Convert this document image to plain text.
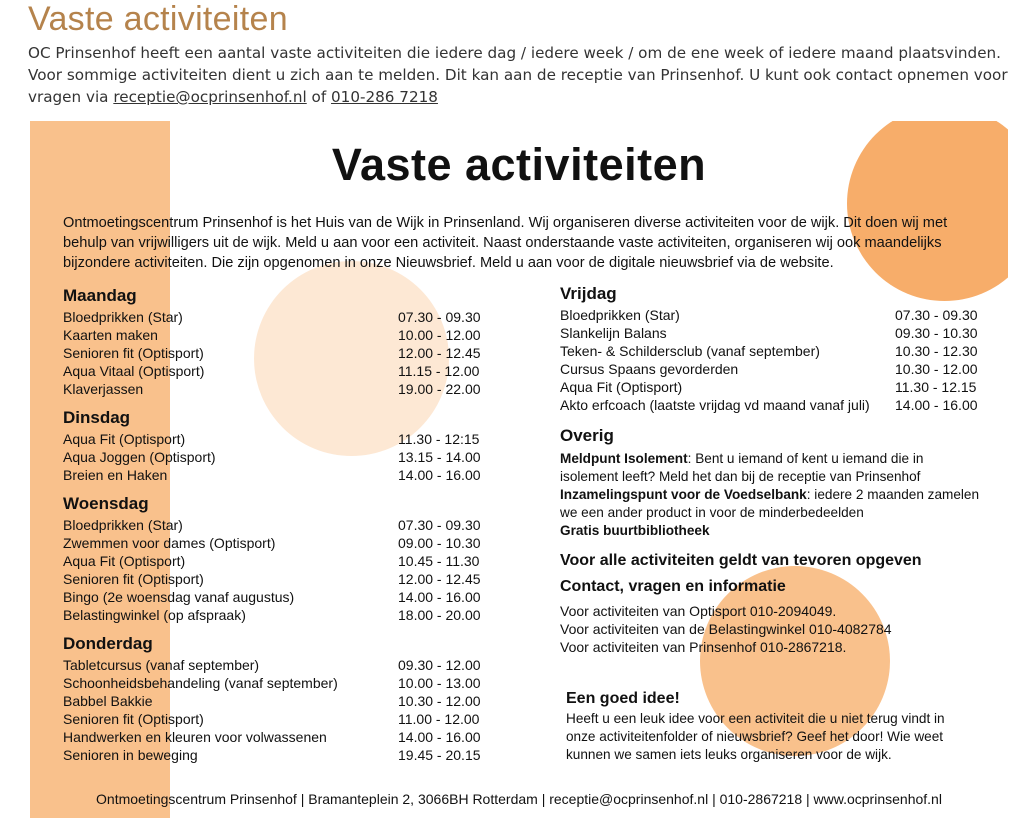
Vaste activiteiten
OC Prinsenhof heeft een aantal vaste activiteiten die iedere dag / iedere week / om de ene week of iedere maand plaatsvinden.
Voor sommige activiteiten dient u zich aan te melden. Dit kan aan de receptie van Prinsenhof. U kunt ook contact opnemen voor vragen via receptie@ocprinsenhof.nl of 010-286 7218
Vaste activiteiten
Ontmoetingscentrum Prinsenhof is het Huis van de Wijk in Prinsenland. Wij organiseren diverse activiteiten voor de wijk. Dit doen wij met behulp van vrijwilligers uit de wijk. Meld u aan voor een activiteit. Naast onderstaande vaste activiteiten, organiseren wij ook maandelijks bijzondere activiteiten. Die zijn opgenomen in onze Nieuwsbrief. Meld u aan voor de digitale nieuwsbrief via de website.
Maandag
Bloedprikken (Star)	07.30 - 09.30
Kaarten maken	10.00 - 12.00
Senioren fit (Optisport)	12.00 - 12.45
Aqua Vitaal (Optisport)	11.15 - 12.00
Klaverjassen	19.00 - 22.00
Dinsdag
Aqua Fit (Optisport)	11.30 - 12:15
Aqua Joggen (Optisport)	13.15 - 14.00
Breien en Haken	14.00 - 16.00
Woensdag
Bloedprikken (Star)	07.30 - 09.30
Zwemmen voor dames (Optisport)	09.00 - 10.30
Aqua Fit (Optisport)	10.45 - 11.30
Senioren fit (Optisport)	12.00 - 12.45
Bingo (2e woensdag vanaf augustus)	14.00 - 16.00
Belastingwinkel (op afspraak)	18.00 - 20.00
Donderdag
Tabletcursus (vanaf september)	09.30 - 12.00
Schoonheidsbehandeling (vanaf september)	10.00 - 13.00
Babbel Bakkie	10.30 - 12.00
Senioren fit (Optisport)	11.00 - 12.00
Handwerken en kleuren voor volwassenen	14.00 - 16.00
Senioren in beweging	19.45 - 20.15
Vrijdag
Bloedprikken (Star)	07.30 - 09.30
Slankelijn Balans	09.30 - 10.30
Teken- & Schildersclub (vanaf september)	10.30 - 12.30
Cursus Spaans gevorderden	10.30 - 12.00
Aqua Fit (Optisport)	11.30 - 12.15
Akto erfcoach (laatste vrijdag vd maand vanaf juli) 14.00 - 16.00
Overig
Meldpunt Isolement: Bent u iemand of kent u iemand die in isolement leeft? Meld het dan bij de receptie van Prinsenhof
Inzamelingspunt voor de Voedselbank: iedere 2 maanden zamelen we een ander product in voor de minderbedeelden
Gratis buurtbibliotheek
Voor alle activiteiten geldt van tevoren opgeven
Contact, vragen en informatie
Voor activiteiten van Optisport 010-2094049.
Voor activiteiten van de Belastingwinkel 010-4082784
Voor activiteiten van Prinsenhof 010-2867218.
Een goed idee!
Heeft u een leuk idee voor een activiteit die u niet terug vindt in onze activiteitenfolder of nieuwsbrief? Geef het door! Wie weet kunnen we samen iets leuks organiseren voor de wijk.
Ontmoetingscentrum Prinsenhof | Bramanteplein 2, 3066BH Rotterdam | receptie@ocprinsenhof.nl | 010-2867218 | www.ocprinsenhof.nl
